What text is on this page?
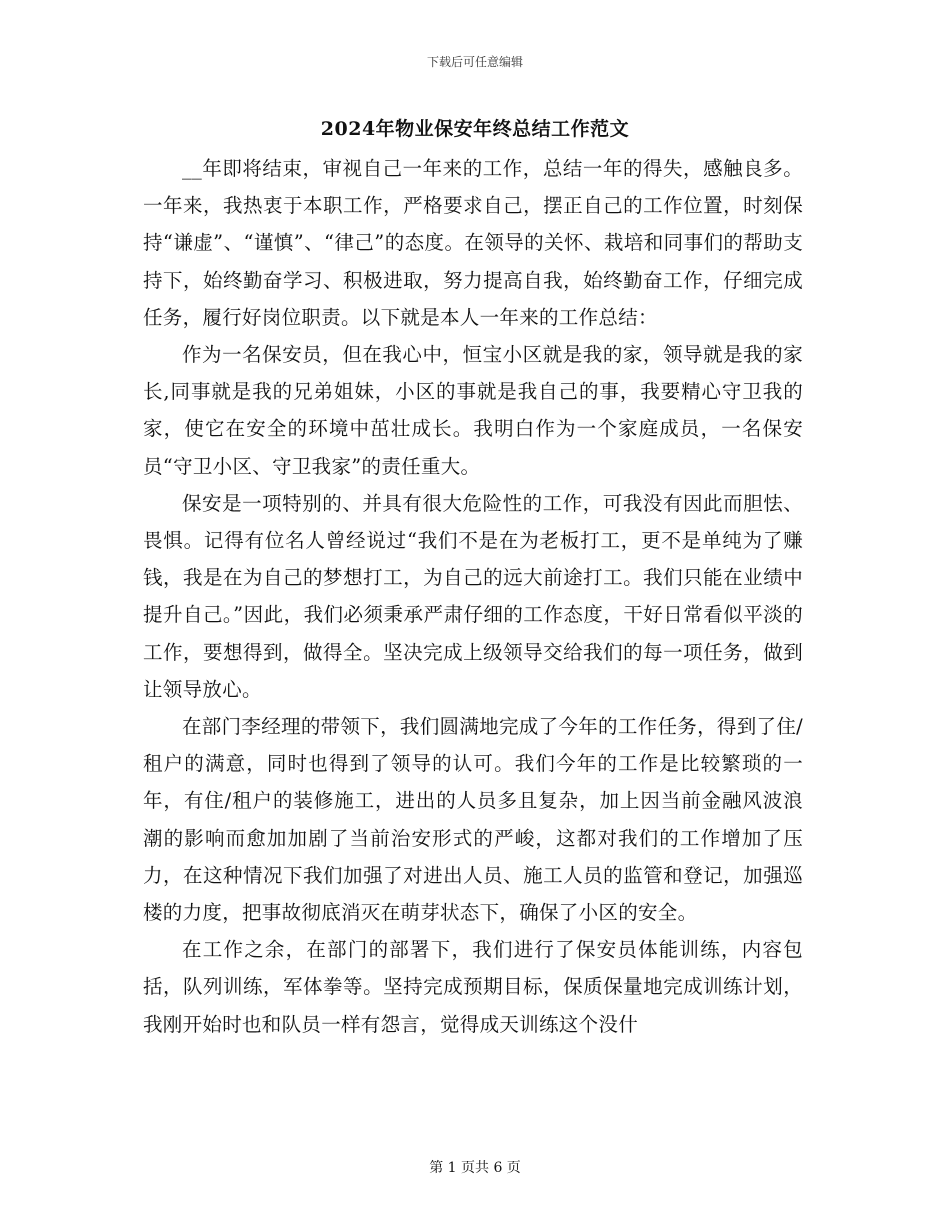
下载后可任意编辑
2024年物业保安年终总结工作范文

__年即将结束，审视自己一年来的工作，总结一年的得失，感触良多。一年来，我热衷于本职工作，严格要求自己，摆正自己的工作位置，时刻保持“谦虚”、“谨慎”、“律己”的态度。在领导的关怀、栽培和同事们的帮助支持下，始终勤奋学习、积极进取，努力提高自我，始终勤奋工作，仔细完成任务，履行好岗位职责。以下就是本人一年来的工作总结：

作为一名保安员，但在我心中，恒宝小区就是我的家，领导就是我的家长,同事就是我的兄弟姐妹，小区的事就是我自己的事，我要精心守卫我的家，使它在安全的环境中茁壮成长。我明白作为一个家庭成员，一名保安员“守卫小区、守卫我家”的责任重大。

保安是一项特别的、并具有很大危险性的工作，可我没有因此而胆怯、畏惧。记得有位名人曾经说过“我们不是在为老板打工，更不是单纯为了赚钱，我是在为自己的梦想打工，为自己的远大前途打工。我们只能在业绩中提升自己。”因此，我们必须秉承严肃仔细的工作态度，干好日常看似平淡的工作，要想得到，做得全。坚决完成上级领导交给我们的每一项任务，做到让领导放心。

在部门李经理的带领下，我们圆满地完成了今年的工作任务，得到了住/租户的满意，同时也得到了领导的认可。我们今年的工作是比较繁琐的一年，有住/租户的装修施工，进出的人员多且复杂，加上因当前金融风波浪潮的影响而愈加加剧了当前治安形式的严峻，这都对我们的工作增加了压力，在这种情况下我们加强了对进出人员、施工人员的监管和登记，加强巡楼的力度，把事故彻底消灭在萌芽状态下，确保了小区的安全。

在工作之余，在部门的部署下，我们进行了保安员体能训练，内容包括，队列训练，军体拳等。坚持完成预期目标，保质保量地完成训练计划，我刚开始时也和队员一样有怨言，觉得成天训练这个没什

第 1 页共 6 页
